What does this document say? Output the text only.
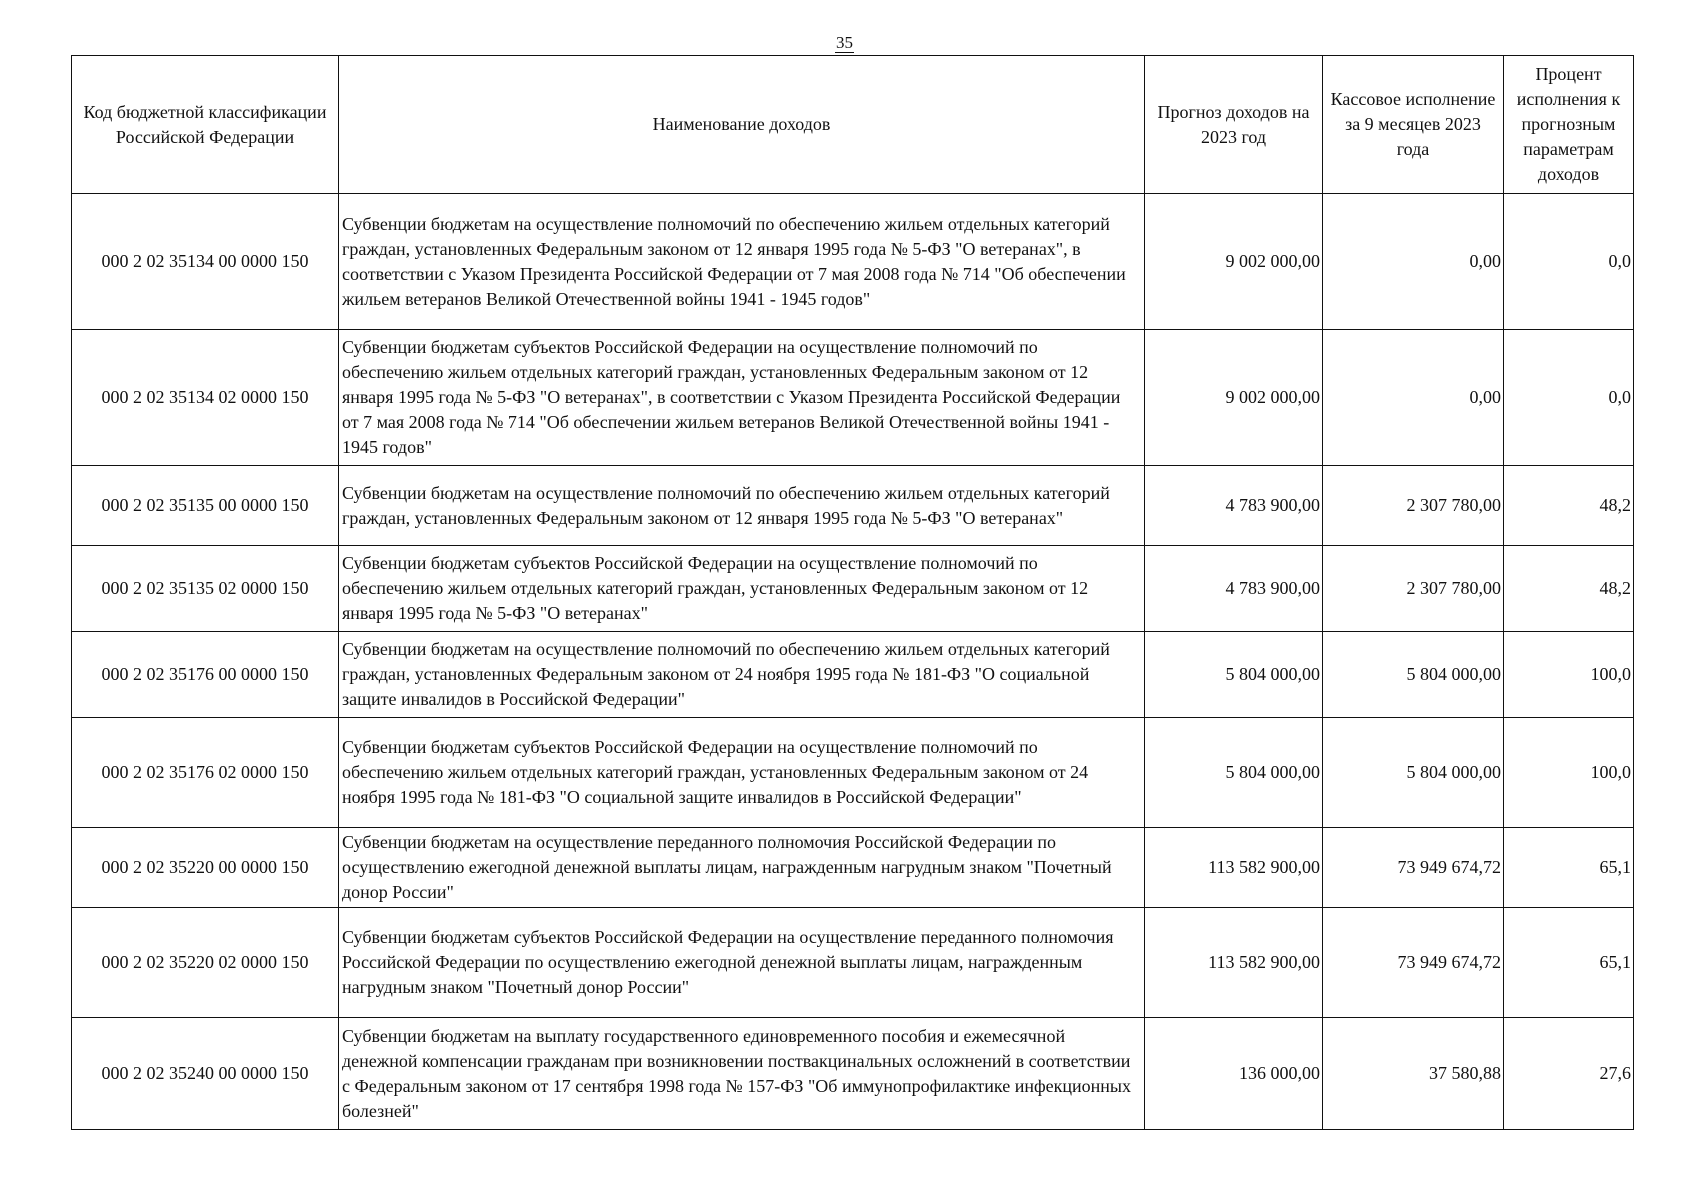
35
Код бюджетной классификации Российской Федерации	Наименование доходов	Прогноз доходов на 2023 год	Кассовое исполнение за 9 месяцев 2023 года	Процент исполнения к прогнозным параметрам доходов
000 2 02 35134 00 0000 150	Субвенции бюджетам на осуществление полномочий по обеспечению жильем отдельных категорий граждан, установленных Федеральным законом от 12 января 1995 года № 5-ФЗ "О ветеранах", в соответствии с Указом Президента Российской Федерации от 7 мая 2008 года № 714 "Об обеспечении жильем ветеранов Великой Отечественной войны 1941 - 1945 годов"	9 002 000,00	0,00	0,0
000 2 02 35134 02 0000 150	Субвенции бюджетам субъектов Российской Федерации на осуществление полномочий по обеспечению жильем отдельных категорий граждан, установленных Федеральным законом от 12 января 1995 года № 5-ФЗ "О ветеранах", в соответствии с Указом Президента Российской Федерации от 7 мая 2008 года № 714 "Об обеспечении жильем ветеранов Великой Отечественной войны 1941 - 1945 годов"	9 002 000,00	0,00	0,0
000 2 02 35135 00 0000 150	Субвенции бюджетам на осуществление полномочий по обеспечению жильем отдельных категорий граждан, установленных Федеральным законом от 12 января 1995 года № 5-ФЗ "О ветеранах"	4 783 900,00	2 307 780,00	48,2
000 2 02 35135 02 0000 150	Субвенции бюджетам субъектов Российской Федерации на осуществление полномочий по обеспечению жильем отдельных категорий граждан, установленных Федеральным законом от 12 января 1995 года № 5-ФЗ "О ветеранах"	4 783 900,00	2 307 780,00	48,2
000 2 02 35176 00 0000 150	Субвенции бюджетам на осуществление полномочий по обеспечению жильем отдельных категорий граждан, установленных Федеральным законом от 24 ноября 1995 года № 181-ФЗ "О социальной защите инвалидов в Российской Федерации"	5 804 000,00	5 804 000,00	100,0
000 2 02 35176 02 0000 150	Субвенции бюджетам субъектов Российской Федерации на осуществление полномочий по обеспечению жильем отдельных категорий граждан, установленных Федеральным законом от 24 ноября 1995 года № 181-ФЗ "О социальной защите инвалидов в Российской Федерации"	5 804 000,00	5 804 000,00	100,0
000 2 02 35220 00 0000 150	Субвенции бюджетам на осуществление переданного полномочия Российской Федерации по осуществлению ежегодной денежной выплаты лицам, награжденным нагрудным знаком "Почетный донор России"	113 582 900,00	73 949 674,72	65,1
000 2 02 35220 02 0000 150	Субвенции бюджетам субъектов Российской Федерации на осуществление переданного полномочия Российской Федерации по осуществлению ежегодной денежной выплаты лицам, награжденным нагрудным знаком "Почетный донор России"	113 582 900,00	73 949 674,72	65,1
000 2 02 35240 00 0000 150	Субвенции бюджетам на выплату государственного единовременного пособия и ежемесячной денежной компенсации гражданам при возникновении поствакцинальных осложнений в соответствии с Федеральным законом от 17 сентября 1998 года № 157-ФЗ "Об иммунопрофилактике инфекционных болезней"	136 000,00	37 580,88	27,6
